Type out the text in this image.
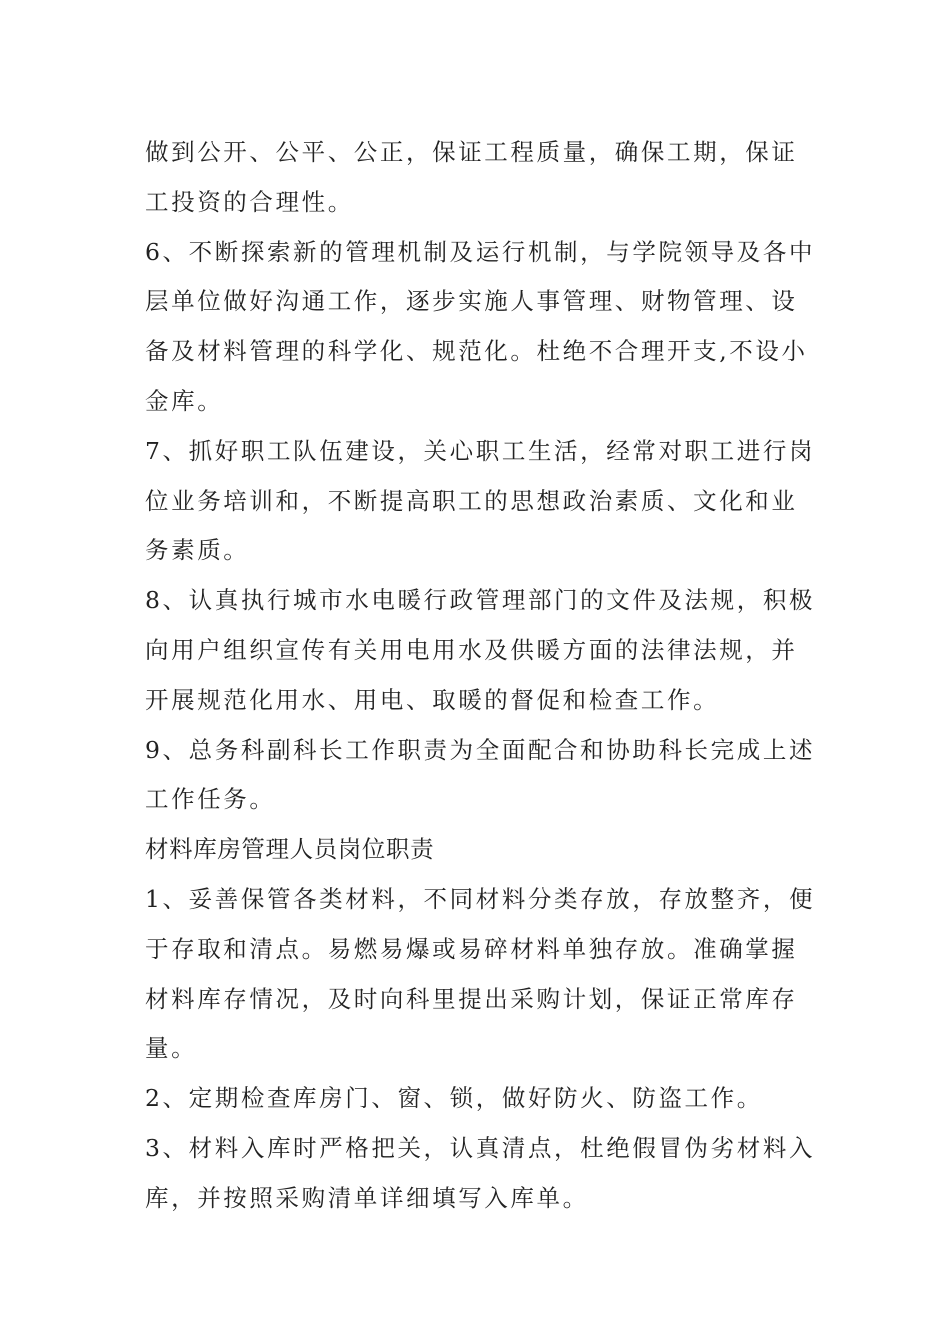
做到公开、公平、公正，保证工程质量，确保工期，保证
工投资的合理性。
6、不断探索新的管理机制及运行机制，与学院领导及各中
层单位做好沟通工作，逐步实施人事管理、财物管理、设
备及材料管理的科学化、规范化。杜绝不合理开支,不设小
金库。
7、抓好职工队伍建设，关心职工生活，经常对职工进行岗
位业务培训和，不断提高职工的思想政治素质、文化和业
务素质。
8、认真执行城市水电暖行政管理部门的文件及法规，积极
向用户组织宣传有关用电用水及供暖方面的法律法规，并
开展规范化用水、用电、取暖的督促和检查工作。
9、总务科副科长工作职责为全面配合和协助科长完成上述
工作任务。
材料库房管理人员岗位职责
1、妥善保管各类材料，不同材料分类存放，存放整齐，便
于存取和清点。易燃易爆或易碎材料单独存放。准确掌握
材料库存情况，及时向科里提出采购计划，保证正常库存
量。
2、定期检查库房门、窗、锁，做好防火、防盗工作。
3、材料入库时严格把关，认真清点，杜绝假冒伪劣材料入
库，并按照采购清单详细填写入库单。
